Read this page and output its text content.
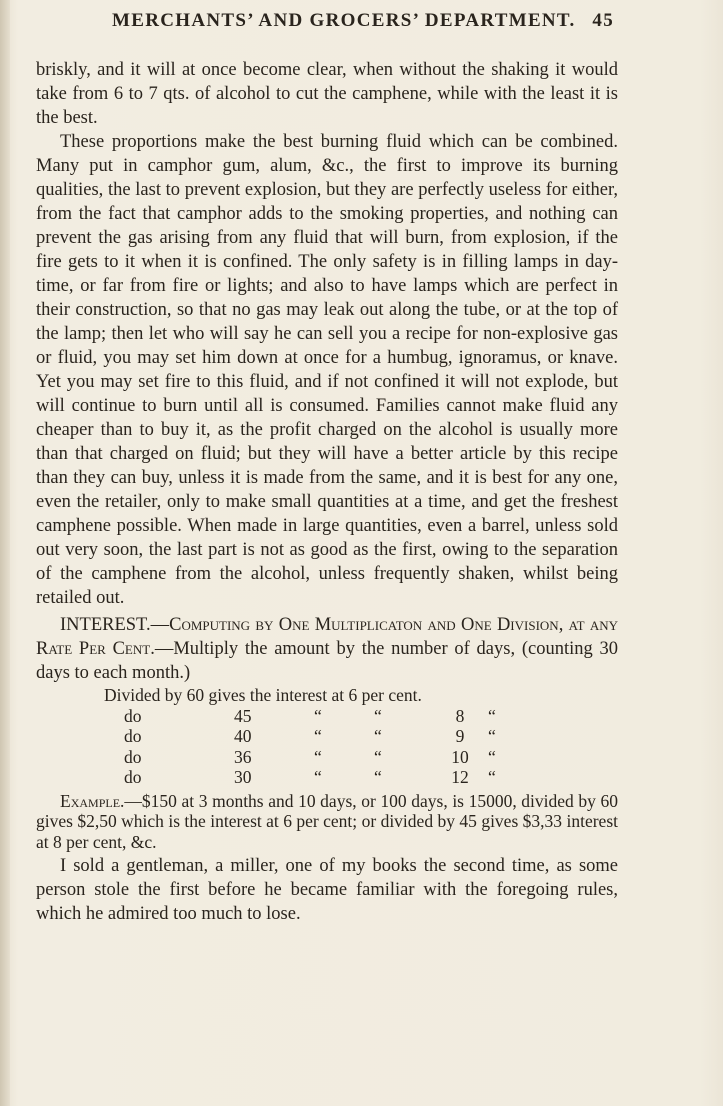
MERCHANTS’ AND GROCERS’ DEPARTMENT. 45

briskly, and it will at once become clear, when without the shaking it would take from 6 to 7 qts. of alcohol to cut the camphene, while with the least it is the best.

These proportions make the best burning fluid which can be combined. Many put in camphor gum, alum, &c., the first to improve its burning qualities, the last to prevent explosion, but they are perfectly useless for either, from the fact that camphor adds to the smoking properties, and nothing can prevent the gas arising from any fluid that will burn, from explosion, if the fire gets to it when it is confined. The only safety is in filling lamps in day-time, or far from fire or lights; and also to have lamps which are perfect in their construction, so that no gas may leak out along the tube, or at the top of the lamp; then let who will say he can sell you a recipe for non-explosive gas or fluid, you may set him down at once for a humbug, ignoramus, or knave. Yet you may set fire to this fluid, and if not confined it will not explode, but will continue to burn until all is consumed. Families cannot make fluid any cheaper than to buy it, as the profit charged on the alcohol is usually more than that charged on fluid; but they will have a better article by this recipe than they can buy, unless it is made from the same, and it is best for any one, even the retailer, only to make small quantities at a time, and get the freshest camphene possible. When made in large quantities, even a barrel, unless sold out very soon, the last part is not as good as the first, owing to the separation of the camphene from the alcohol, unless frequently shaken, whilst being retailed out.

INTEREST.—Computing by One Multiplicaton and One Division, at any Rate Per Cent.—Multiply the amount by the number of days, (counting 30 days to each month.)

Divided by
60
gives the interest at
6
per cent.
do	45	“	“	8	“
do	40	“	“	9	“
do	36	“	“	10	“
do	30	“	“	12	“

Example.—$150 at 3 months and 10 days, or 100 days, is 15000, divided by 60 gives $2,50 which is the interest at 6 per cent; or divided by 45 gives $3,33 interest at 8 per cent, &c.

I sold a gentleman, a miller, one of my books the second time, as some person stole the first before he became familiar with the foregoing rules, which he admired too much to lose.
